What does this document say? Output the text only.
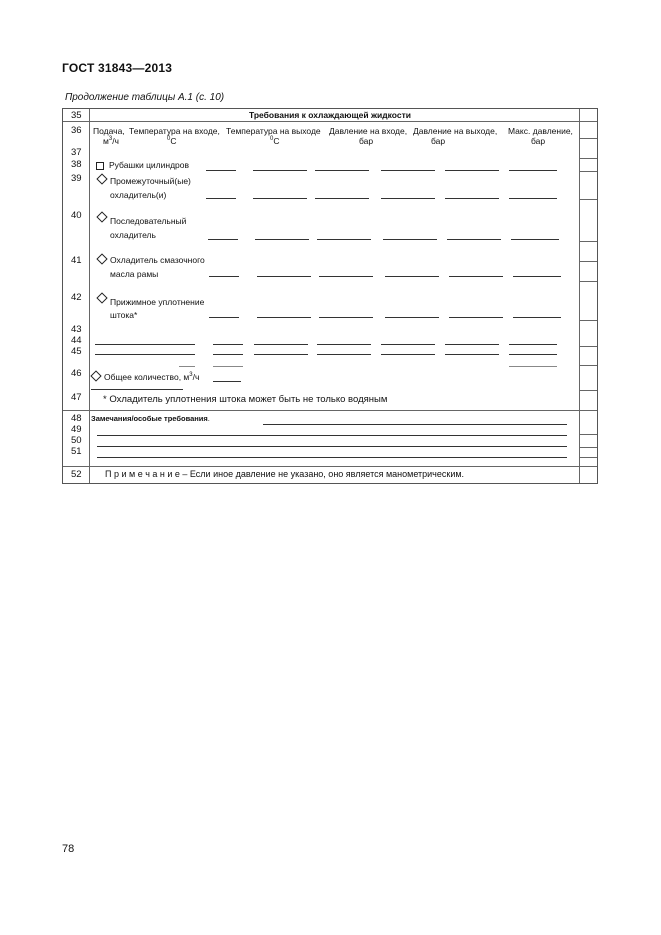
ГОСТ 31843—2013
Продолжение таблицы А.1 (с. 10)
35
36
37
38
39
40
41
42
43
44
45
46
47
48
49
50
51
52
Требования к охлаждающей жидкости
Подача,
$м^3/ч$
Температура на входе,
$^0$С
Температура на выходе
$^0$С
Давление на входе,
бар
Давление на выходе,
бар
Макс. давление,
бар
Рубашки цилиндров
Промежуточный(ые)
охладитель(и)
Последовательный
охладитель
Охладитель смазочного
масла рамы
Прижимное уплотнение
штока*
Общее количество, $м^3/ч$
* Охладитель уплотнения штока может быть не только водяным
Замечания/особые требования.
П р и м е ч а н и е – Если иное давление не указано, оно является манометрическим.
78
